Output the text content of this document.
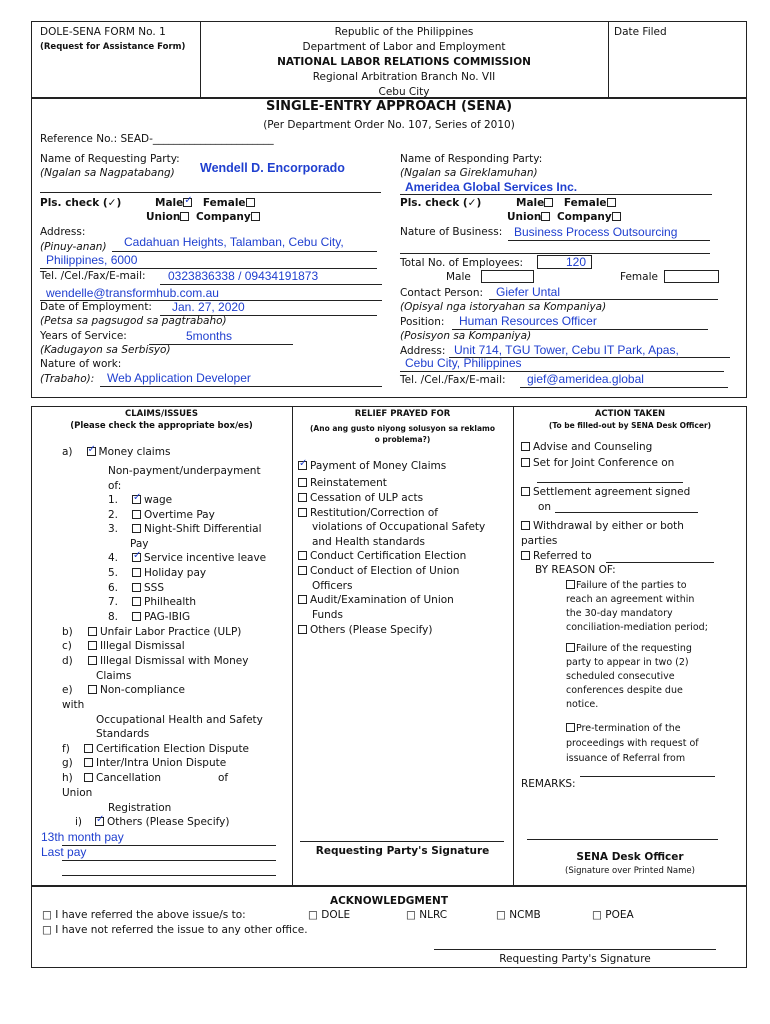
DOLE-SENA FORM No. 1
(Request for Assistance Form)
Republic of the Philippines
Department of Labor and Employment
NATIONAL LABOR RELATIONS COMMISSION
Regional Arbitration Branch No. VII
Cebu City
Date Filed
SINGLE-ENTRY APPROACH (SENA)
(Per Department Order No. 107, Series of 2010)
Reference No.: SEAD-_______________________
Name of Requesting Party:
(Ngalan sa Nagpatabang) Wendell D. Encorporado
Pls. check (✓)	Male ✓ Female
Union Company
Address:
(Pinuy-anan) Cadahuan Heights, Talamban, Cebu City,
Philippines, 6000
Tel. /Cel./Fax/E-mail: 0323836338 / 09434191873
wendelle@transformhub.com.au
Date of Employment: Jan. 27, 2020
(Petsa sa pagsugod sa pagtrabaho)
Years of Service:	5months
(Kadugayon sa Serbisyo)
Nature of work:
(Trabaho): Web Application Developer
Name of Responding Party:
(Ngalan sa Gireklamuhan)
Ameridea Global Services Inc.
Pls. check (✓)	Male Female
Union Company
Nature of Business: Business Process Outsourcing
Total No. of Employees:	120
Male	Female
Contact Person: Giefer Untal
(Opisyal nga istoryahan sa Kompaniya)
Position: Human Resources Officer
(Posisyon sa Kompaniya)
Address: Unit 714, TGU Tower, Cebu IT Park, Apas,
Cebu City, Philippines
Tel. /Cel./Fax/E-mail: gief@ameridea.global
CLAIMS/ISSUES
(Please check the appropriate box/es)
a) ✓ Money claims
Non-payment/underpayment
of:
1. ✓ wage
2. Overtime Pay
3. Night-Shift Differential
Pay
4. ✓ Service incentive leave
5. Holiday pay
6. SSS
7. Philhealth
8. PAG-IBIG
b)	Unfair Labor Practice (ULP)
c)	Illegal Dismissal
d)	Illegal Dismissal with Money
Claims
e)	Non-compliance
with
Occupational Health and Safety
Standards
f) Certification Election Dispute
g) Inter/Intra Union Dispute
h) Cancellation	of
Union
Registration
i) ✓ Others (Please Specify)
13th month pay
Last pay
RELIEF PRAYED FOR
(Ano ang gusto niyong solusyon sa reklamo
o problema?)
✓Payment of Money Claims
Reinstatement
Cessation of ULP acts
Restitution/Correction of
violations of Occupational Safety
and Health standards
Conduct Certification Election
Conduct of Election of Union
Officers
Audit/Examination of Union
Funds
Others (Please Specify)
Requesting Party's Signature
ACTION TAKEN
(To be filled-out by SENA Desk Officer)
Advise and Counseling
Set for Joint Conference on
Settlement agreement signed
on
Withdrawal by either or both
parties
Referred to
BY REASON OF:
Failure of the parties to
reach an agreement within
the 30-day mandatory
conciliation-mediation period;
Failure of the requesting
party to appear in two (2)
scheduled consecutive
conferences despite due
notice.
Pre-termination of the
proceedings with request of
issuance of Referral from
REMARKS:
SENA Desk Officer
(Signature over Printed Name)
ACKNOWLEDGMENT
□ I have referred the above issue/s to:	□ DOLE	□ NLRC	□ NCMB	□ POEA
□ I have not referred the issue to any other office.
Requesting Party's Signature
